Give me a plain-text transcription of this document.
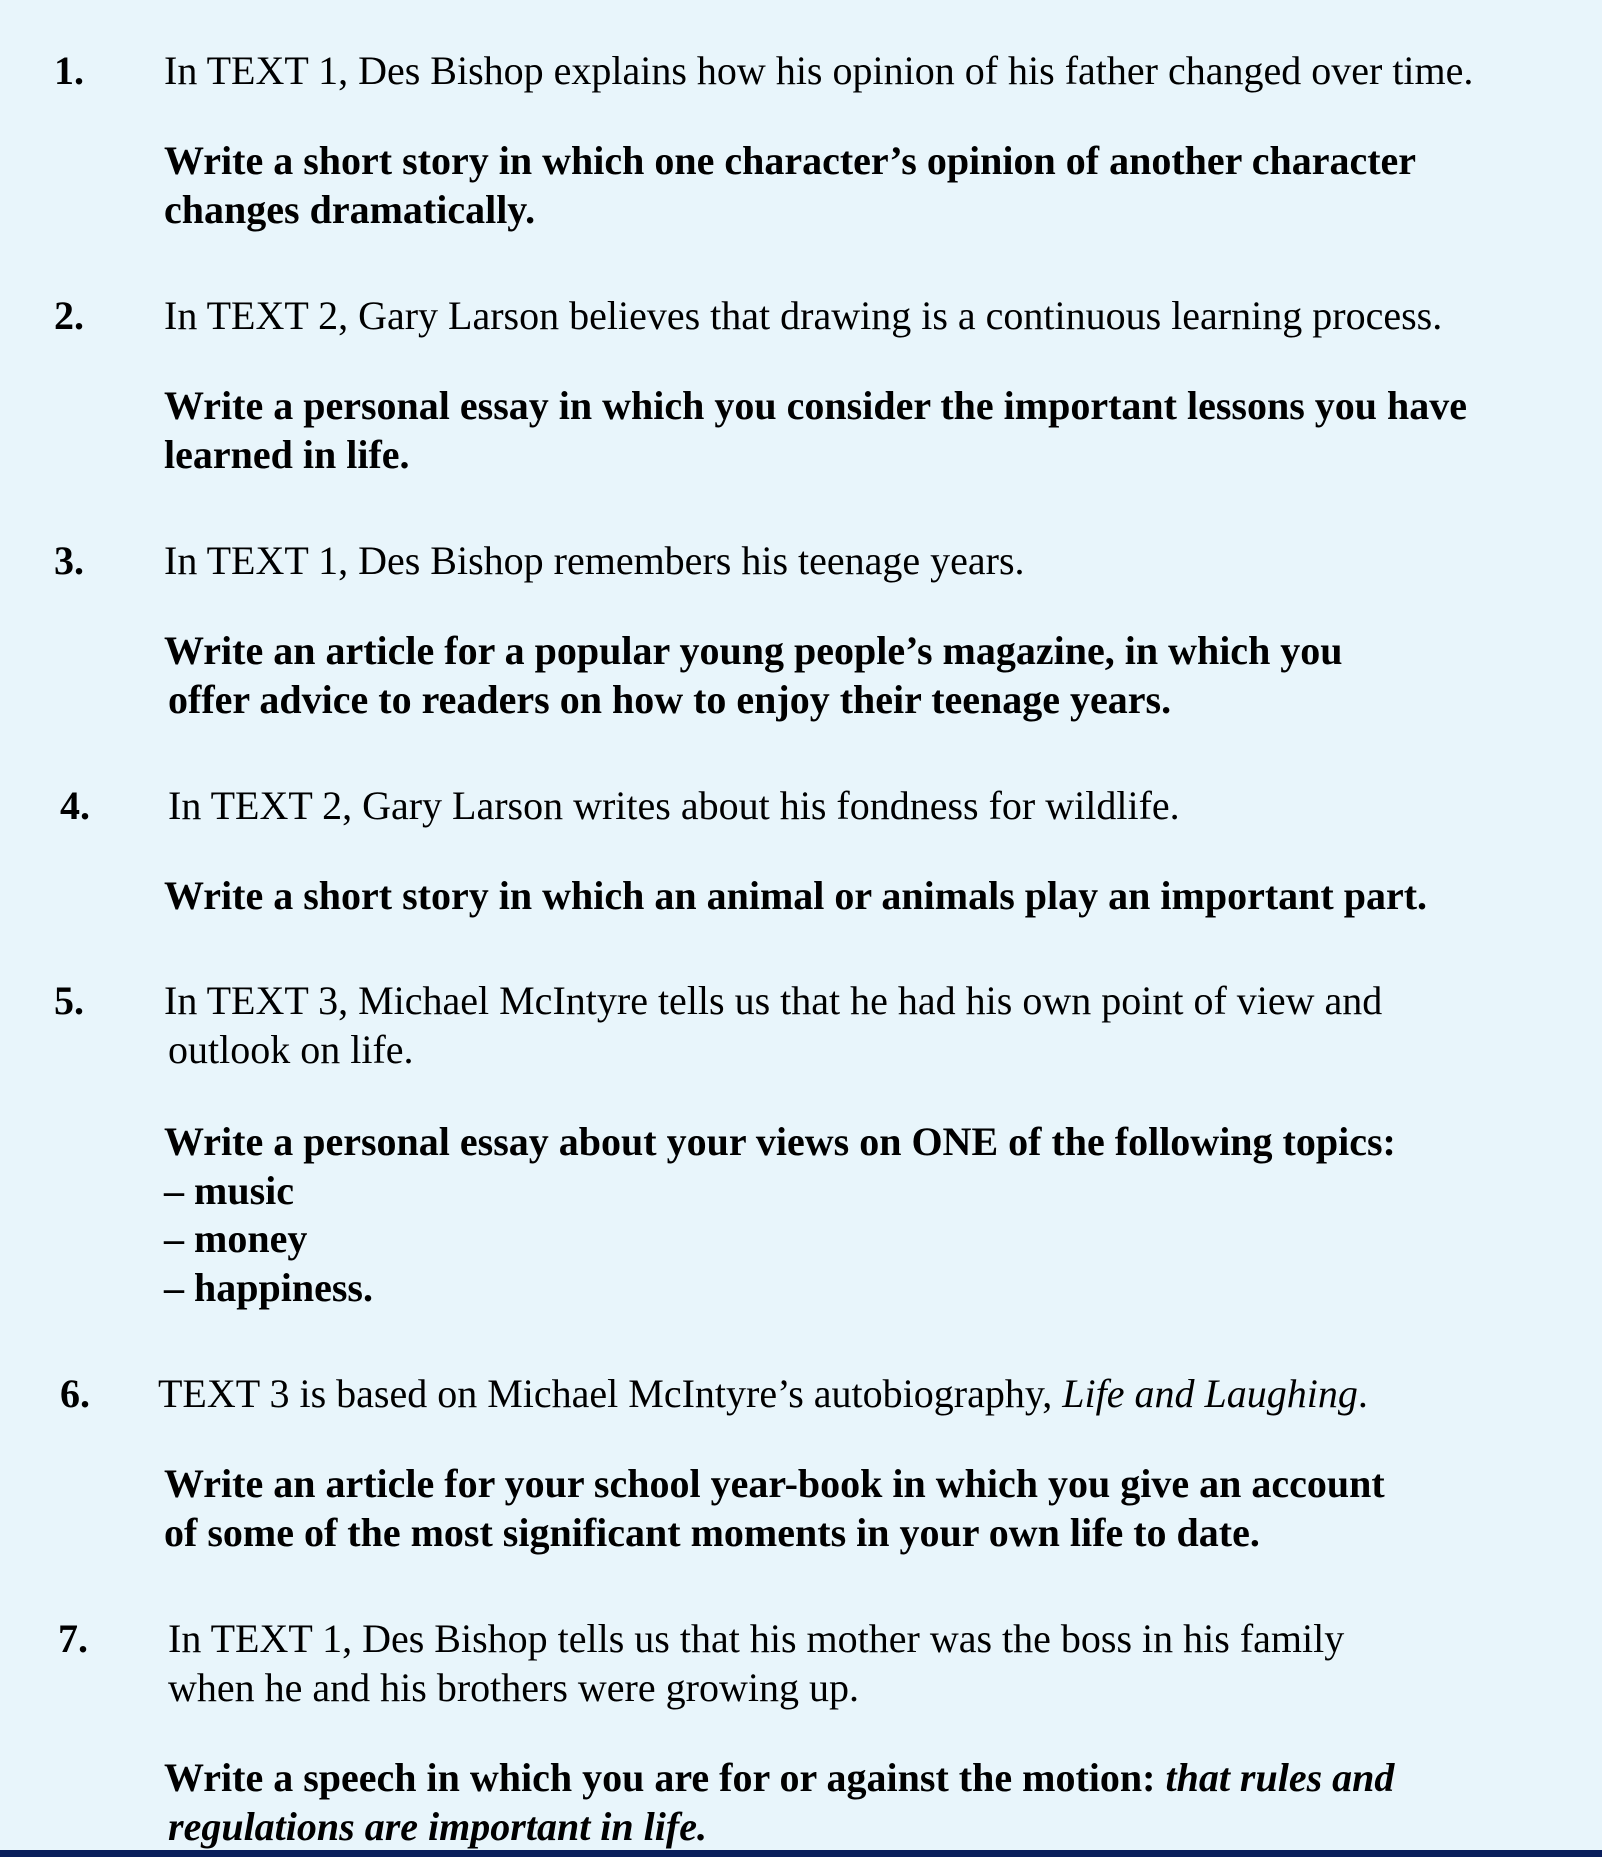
1. In TEXT 1, Des Bishop explains how his opinion of his father changed over time.
Write a short story in which one character’s opinion of another character
changes dramatically.
2. In TEXT 2, Gary Larson believes that drawing is a continuous learning process.
Write a personal essay in which you consider the important lessons you have
learned in life.
3. In TEXT 1, Des Bishop remembers his teenage years.
Write an article for a popular young people’s magazine, in which you
offer advice to readers on how to enjoy their teenage years.
4. In TEXT 2, Gary Larson writes about his fondness for wildlife.
Write a short story in which an animal or animals play an important part.
5. In TEXT 3, Michael McIntyre tells us that he had his own point of view and
outlook on life.
Write a personal essay about your views on ONE of the following topics:
– music
– money
– happiness.
6. TEXT 3 is based on Michael McIntyre’s autobiography, Life and Laughing.
Write an article for your school year-book in which you give an account
of some of the most significant moments in your own life to date.
7. In TEXT 1, Des Bishop tells us that his mother was the boss in his family
when he and his brothers were growing up.
Write a speech in which you are for or against the motion: that rules and
regulations are important in life.
